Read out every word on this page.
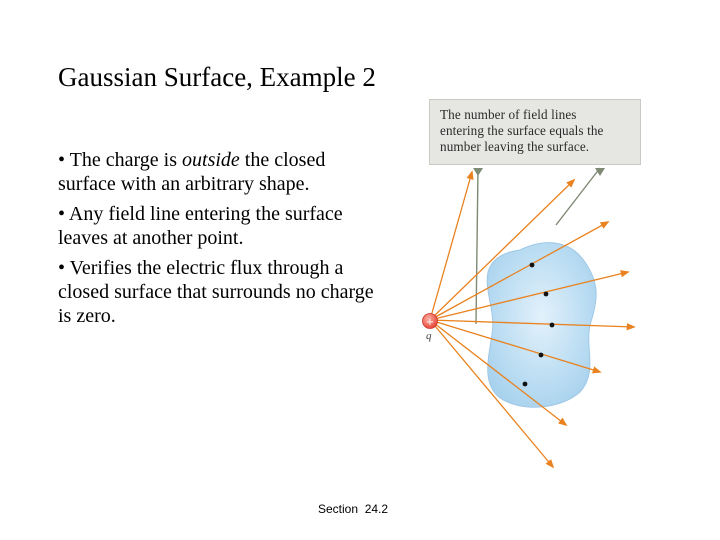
Gaussian Surface, Example 2

• The charge is outside the closed surface with an arbitrary shape.

• Any field line entering the surface leaves at another point.

• Verifies the electric flux through a closed surface that surrounds no charge is zero.

Section  24.2
+
The number of field lines
entering the surface equals the
number leaving the surface.
q
